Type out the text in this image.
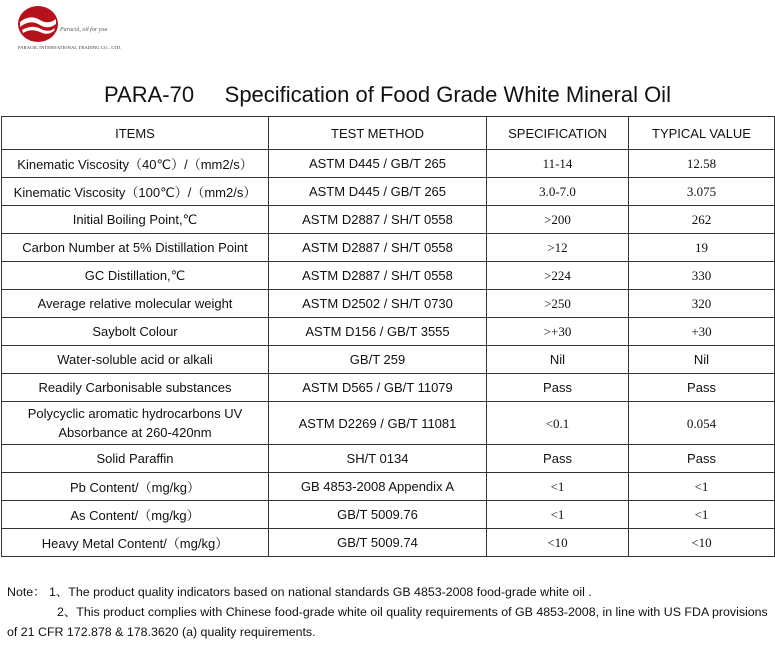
Paracol, oil for you
PARAOIL INTERNATIONAL TRADING CO., LTD.
PARA-70     Specification of Food Grade White Mineral Oil
ITEMS	TEST METHOD	SPECIFICATION	TYPICAL VALUE
Kinematic Viscosity（40℃）/（mm2/s）	ASTM D445 / GB/T 265	11-14	12.58
Kinematic Viscosity（100℃）/（mm2/s）	ASTM D445 / GB/T 265	3.0-7.0	3.075
Initial Boiling Point,℃	ASTM D2887 / SH/T 0558	>200	262
Carbon Number at 5% Distillation Point	ASTM D2887 / SH/T 0558	>12	19
GC Distillation,℃	ASTM D2887 / SH/T 0558	>224	330
Average relative molecular weight	ASTM D2502 / SH/T 0730	>250	320
Saybolt Colour	ASTM D156 / GB/T 3555	>+30	+30
Water-soluble acid or alkali	GB/T 259	Nil	Nil
Readily Carbonisable substances	ASTM D565 / GB/T 11079	Pass	Pass
Polycyclic aromatic hydrocarbons UV Absorbance at 260-420nm	ASTM D2269 / GB/T 11081	<0.1	0.054
Solid Paraffin	SH/T 0134	Pass	Pass
Pb Content/（mg/kg）	GB 4853-2008 Appendix A	<1	<1
As Content/（mg/kg）	GB/T 5009.76	<1	<1
Heavy Metal Content/（mg/kg）	GB/T 5009.74	<10	<10
Note： 1、The product quality indicators based on national standards GB 4853-2008 food-grade white oil .
2、This product complies with Chinese food-grade white oil quality requirements of GB 4853-2008, in line with US FDA provisions of 21 CFR 172.878 & 178.3620 (a) quality requirements.
